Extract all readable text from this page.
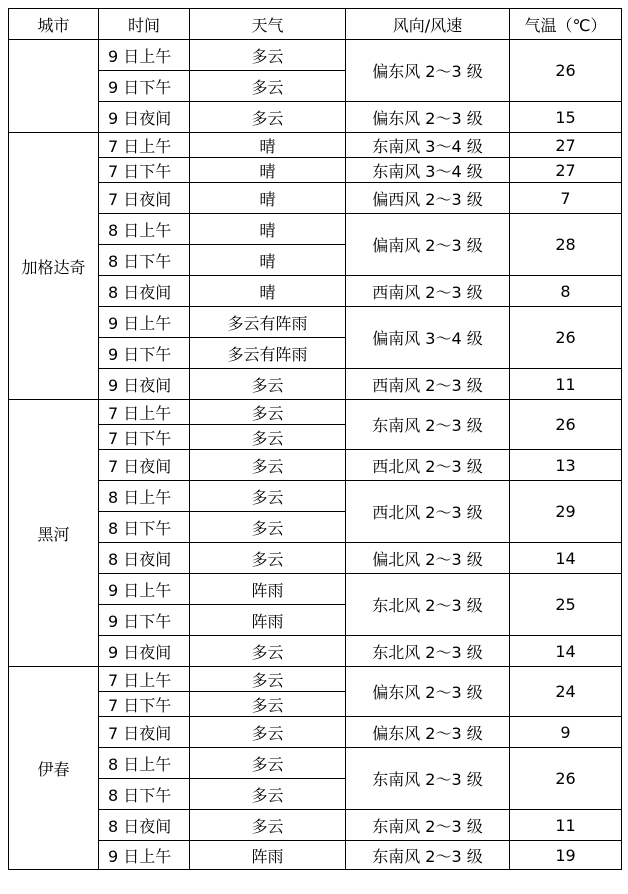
城市	时间	天气	风向/风速	气温（℃）
	9 日上午	多云	偏东风 2～3 级	26
	9 日下午	多云		
	9 日夜间	多云	偏东风 2～3 级	15
加格达奇	7 日上午	晴	东南风 3～4 级	27
	7 日下午	晴	东南风 3～4 级	27
	7 日夜间	晴	偏西风 2～3 级	7
	8 日上午	晴	偏南风 2～3 级	28
	8 日下午	晴		
	8 日夜间	晴	西南风 2～3 级	8
	9 日上午	多云有阵雨	偏南风 3～4 级	26
	9 日下午	多云有阵雨		
	9 日夜间	多云	西南风 2～3 级	11
黑河	7 日上午	多云	东南风 2～3 级	26
	7 日下午	多云		
	7 日夜间	多云	西北风 2～3 级	13
	8 日上午	多云	西北风 2～3 级	29
	8 日下午	多云		
	8 日夜间	多云	偏北风 2～3 级	14
	9 日上午	阵雨	东北风 2～3 级	25
	9 日下午	阵雨		
	9 日夜间	多云	东北风 2～3 级	14
伊春	7 日上午	多云	偏东风 2～3 级	24
	7 日下午	多云		
	7 日夜间	多云	偏东风 2～3 级	9
	8 日上午	多云	东南风 2～3 级	26
	8 日下午	多云		
	8 日夜间	多云	东南风 2～3 级	11
	9 日上午	阵雨	东南风 2～3 级	19
